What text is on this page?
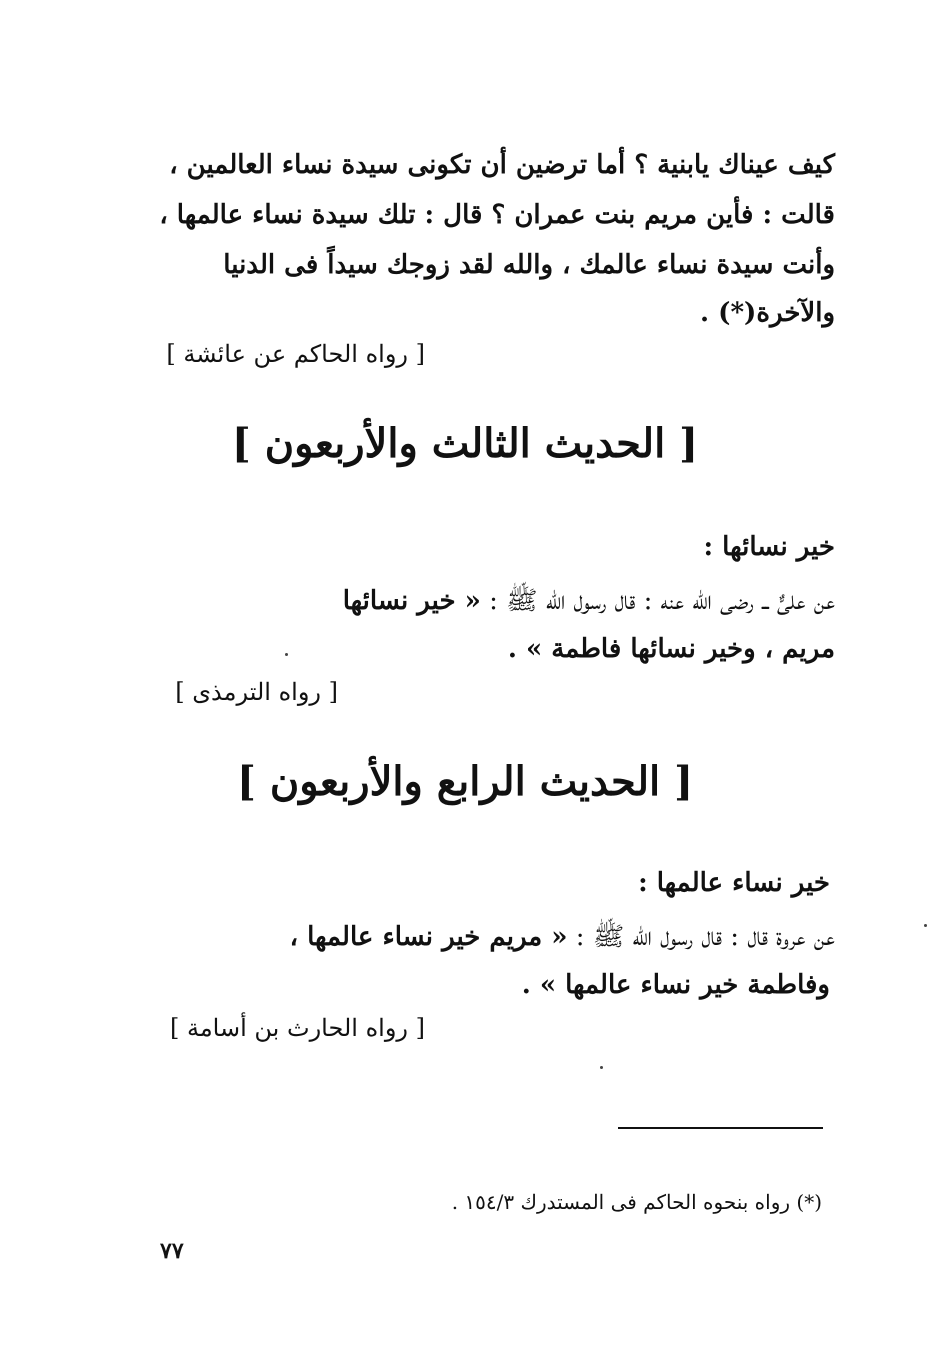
كيف عيناك يابنية ؟ أما ترضين أن تكونى سيدة نساء العالمين ،
قالت : فأين مريم بنت عمران ؟ قال : تلك سيدة نساء عالمها ،
وأنت سيدة نساء عالمك ، والله لقد زوجك سيداً فى الدنيا
والآخرة(*) .
[ رواه الحاكم عن عائشة ]
[ الحديث الثالث والأربعون ]
خير نسائها :
عن علىٌّ ــ رضى الله عنه : قال رسول الله ﷺ : « خير نسائها
مريم ، وخير نسائها فاطمة » .
[ رواه الترمذى ]
[ الحديث الرابع والأربعون ]
خير نساء عالمها :
عن عروة قال : قال رسول الله ﷺ : « مريم خير نساء عالمها ،
وفاطمة خير نساء عالمها » .
[ رواه الحارث بن أسامة ]
(*) رواه بنحوه الحاكم فى المستدرك ١٥٤/٣ .
٧٧
